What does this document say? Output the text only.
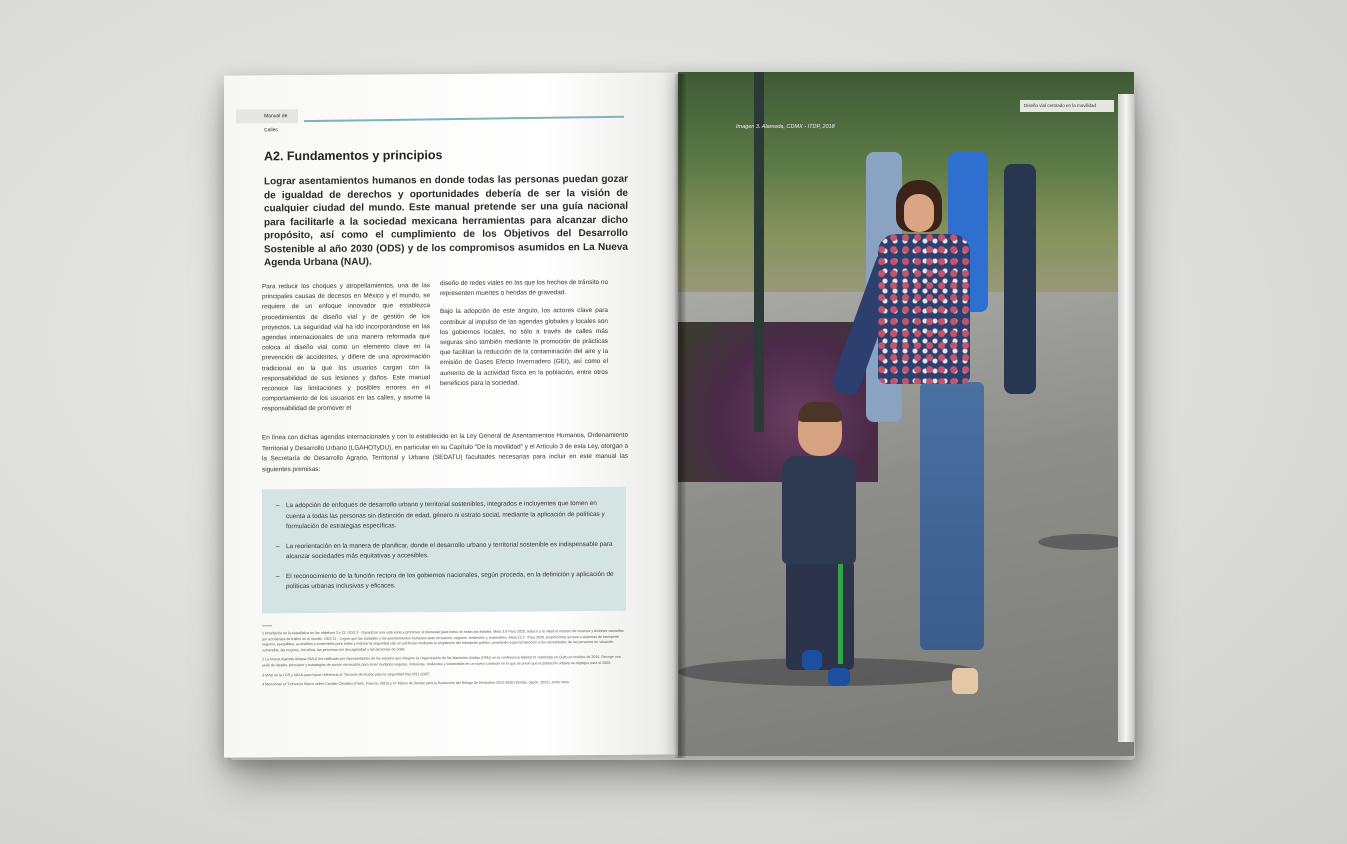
Manual de Calles
A2. Fundamentos y principios
Lograr asentamientos humanos en donde todas las personas puedan gozar de igualdad de derechos y oportunidades debería de ser la visión de cualquier ciudad del mundo. Este manual pretende ser una guía nacional para facilitarle a la sociedad mexicana herramientas para alcanzar dicho propósito, así como el cumplimiento de los Objetivos del Desarrollo Sostenible al año 2030 (ODS) y de los compromisos asumidos en La Nueva Agenda Urbana (NAU).

Para reducir los choques y atropellamientos, una de las principales causas de decesos en México y el mundo, se requiere de un enfoque innovador que establezca procedimientos de diseño vial y de gestión de los proyectos. La seguridad vial ha ido incorporándose en las agendas internacionales de una manera reformada que coloca al diseño vial como un elemento clave en la prevención de accidentes, y difiere de una aproximación tradicional en la que los usuarios cargan con la responsabilidad de sus lesiones y daños. Este manual reconoce las limitaciones y posibles errores en el comportamiento de los usuarios en las calles, y asume la responsabilidad de promover el

diseño de redes viales en las que los hechos de tránsito no representen muertes o heridas de gravedad.

Bajo la adopción de este ángulo, los actores clave para contribuir al impulso de las agendas globales y locales son los gobiernos locales, no sólo a través de calles más seguras sino también mediante la promoción de prácticas que facilitan la reducción de la contaminación del aire y la emisión de Gases Efecto Invernadero (GEI), así como el aumento de la actividad física en la población, entre otros beneficios para la sociedad.

En línea con dichas agendas internacionales y con lo establecido en la Ley General de Asentamientos Humanos, Ordenamiento Territorial y Desarrollo Urbano (LGAHOTyDU), en particular en su Capítulo "De la movilidad" y el Artículo 3 de esta Ley, otorgan a la Secretaría de Desarrollo Agrario, Territorial y Urbano (SEDATU) facultades necesarias para incluir en este manual las siguientes premisas:
– La adopción de enfoques de desarrollo urbano y territorial sostenibles, integrados e incluyentes que tomen en cuenta a todas las personas sin distinción de edad, género ni estrato social, mediante la aplicación de políticas y formulación de estrategias específicas.
– La reorientación en la manera de planificar, donde el desarrollo urbano y territorial sostenible es indispensable para alcanzar sociedades más equitativas y accesibles.
– El reconocimiento de la función rectora de los gobiernos nacionales, según proceda, en la definición y aplicación de políticas urbanas inclusivas y eficaces.

1 Prioritarios en la estadística en los objetivos 3 y 11: ODS 3 - Garantizar una vida sana y promover el bienestar para todos en todas las edades. Meta 3.6 Para 2020, reducir a la mitad el número de muertes y lesiones causadas por accidentes de tráfico en el mundo. ODS 11 - Lograr que las ciudades y los asentamientos humanos sean inclusivos, seguros, resilientes y sostenibles. Meta 11.2 - Para 2030, proporcionar acceso a sistemas de transporte seguros, asequibles, accesibles y sostenibles para todos y mejorar la seguridad vial, en particular mediante la ampliación del transporte público, prestando especial atención a las necesidades de las personas en situación vulnerable, las mujeres, los niños, las personas con discapacidad y las personas de edad.

2 La Nueva Agenda Urbana (NAU) fue ratificada por representantes de los estados que integran la Organización de las Naciones Unidas (ONU) en la conferencia Hábitat III celebrada en Quito en octubre de 2016. Recoge una serie de ideales, principios y estrategias de acción necesarios para tener ciudades seguras, inclusivas, resilientes y sostenibles en un nuevo contexto en el que se prevé que la población urbana se duplique para el 2050.

3 Mirar en la LGS y NAUs para hacer referencia al "Decenio de Acción para la Seguridad Vial 2011-2020"

4 Mencionar el "Convenio Marco sobre Cambio Climático (París, Francia, 2015) y el "Marco de Sendai para la Reducción del Riesgo de Desastres 2015-2030 (Sendai, Japón, 2015), entre otros.

Imagen 3. Alameda, CDMX - ITDP, 2018
Diseño vial centrado en la movilidad
